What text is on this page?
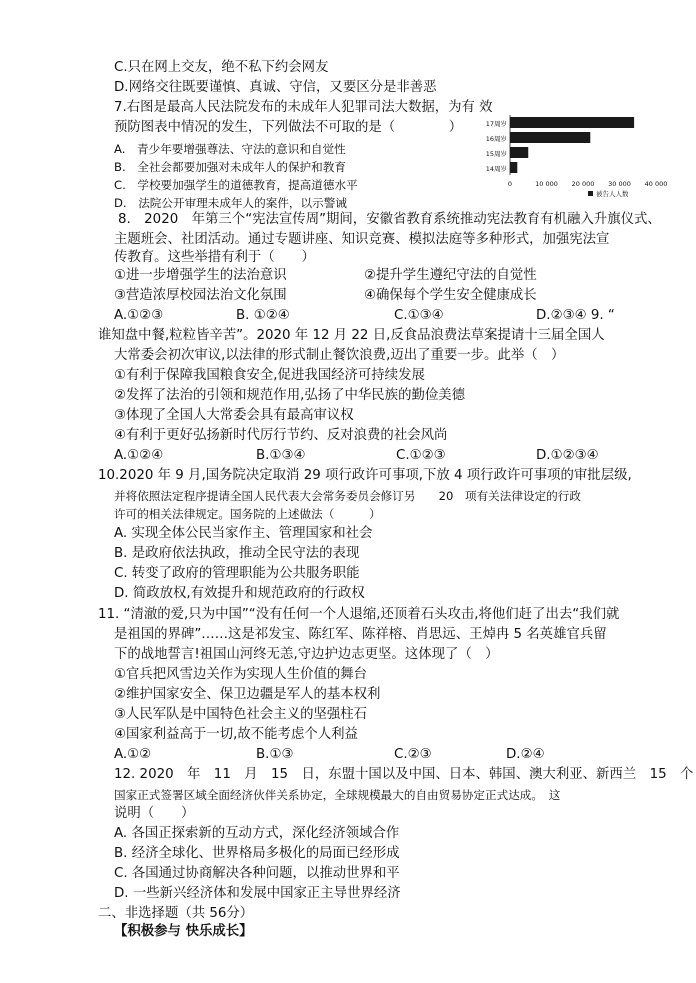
C.只在网上交友，绝不私下约会网友
D.网络交往既要谨慎、真诚、守信，又要区分是非善恶
7.右图是最高人民法院发布的未成年人犯罪司法大数据，为有 效
预防图表中情况的发生，下列做法不可取的是（　　　　）
A.　青少年要增强尊法、守法的意识和自觉性
B.　全社会都要加强对未成年人的保护和教育
C.　学校要加强学生的道德教育，提高道德水平
D.　法院公开审理未成年人的案件，以示警诫
17周岁
16周岁
15周岁
14周岁
0	10 000 20 000 30 000 40 000
被告人人数
8.　2020　年第三个“宪法宣传周”期间，安徽省教育系统推动宪法教育有机融入升旗仪式、
主题班会、社团活动。通过专题讲座、知识竞赛、模拟法庭等多种形式，加强宪法宣
传教育。这些举措有利于（　　）
①进一步增强学生的法治意识	②提升学生遵纪守法的自觉性
③营造浓厚校园法治文化氛围	④确保每个学生安全健康成长
A.①②③	B. ①②④	C.①③④	D.②③④ 9. “
谁知盘中餐,粒粒皆辛苦”。2020 年 12 月 22 日,反食品浪费法草案提请十三届全国人
大常委会初次审议,以法律的形式制止餐饮浪费,迈出了重要一步。此举（　）
①有利于保障我国粮食安全,促进我国经济可持续发展
②发挥了法治的引领和规范作用,弘扬了中华民族的勤俭美德
③体现了全国人大常委会具有最高审议权
④有利于更好弘扬新时代厉行节约、反对浪费的社会风尚
A.①②④	B.①③④	C.①②③	D.①②③④
10.2020 年 9 月,国务院决定取消 29 项行政许可事项,下放 4 项行政许可事项的审批层级,
并将依照法定程序提请全国人民代表大会常务委员会修订另　　20　项有关法律设定的行政
许可的相关法律规定。国务院的上述做法（　　　）
A. 实现全体公民当家作主、管理国家和社会
B. 是政府依法执政，推动全民守法的表现
C. 转变了政府的管理职能为公共服务职能
D. 简政放权,有效提升和规范政府的行政权
11. “清澈的爱,只为中国”“没有任何一个人退缩,还顶着石头攻击,将他们赶了出去“我们就
是祖国的界碑”……这是祁发宝、陈红军、陈祥榕、肖思远、王焯冉 5 名英雄官兵留
下的战地誓言!祖国山河终无恙,守边护边志更坚。这体现了（　）
①官兵把风雪边关作为实现人生价值的舞台
②维护国家安全、保卫边疆是军人的基本权利
③人民军队是中国特色社会主义的坚强柱石
④国家利益高于一切,故不能考虑个人利益
A.①②	B.①③	C.②③	D.②④
12. 2020　年　11　月　15　日，东盟十国以及中国、日本、韩国、澳大利亚、新西兰　15　个
国家正式签署区域全面经济伙伴关系协定，全球规模最大的自由贸易协定正式达成。　这
说明（　　）
A. 各国正探索新的互动方式，深化经济领域合作
B. 经济全球化、世界格局多极化的局面已经形成
C. 各国通过协商解决各种问题，以推动世界和平
D. 一些新兴经济体和发展中国家正主导世界经济
二、非选择题（共 56分）
【积极参与 快乐成长】
